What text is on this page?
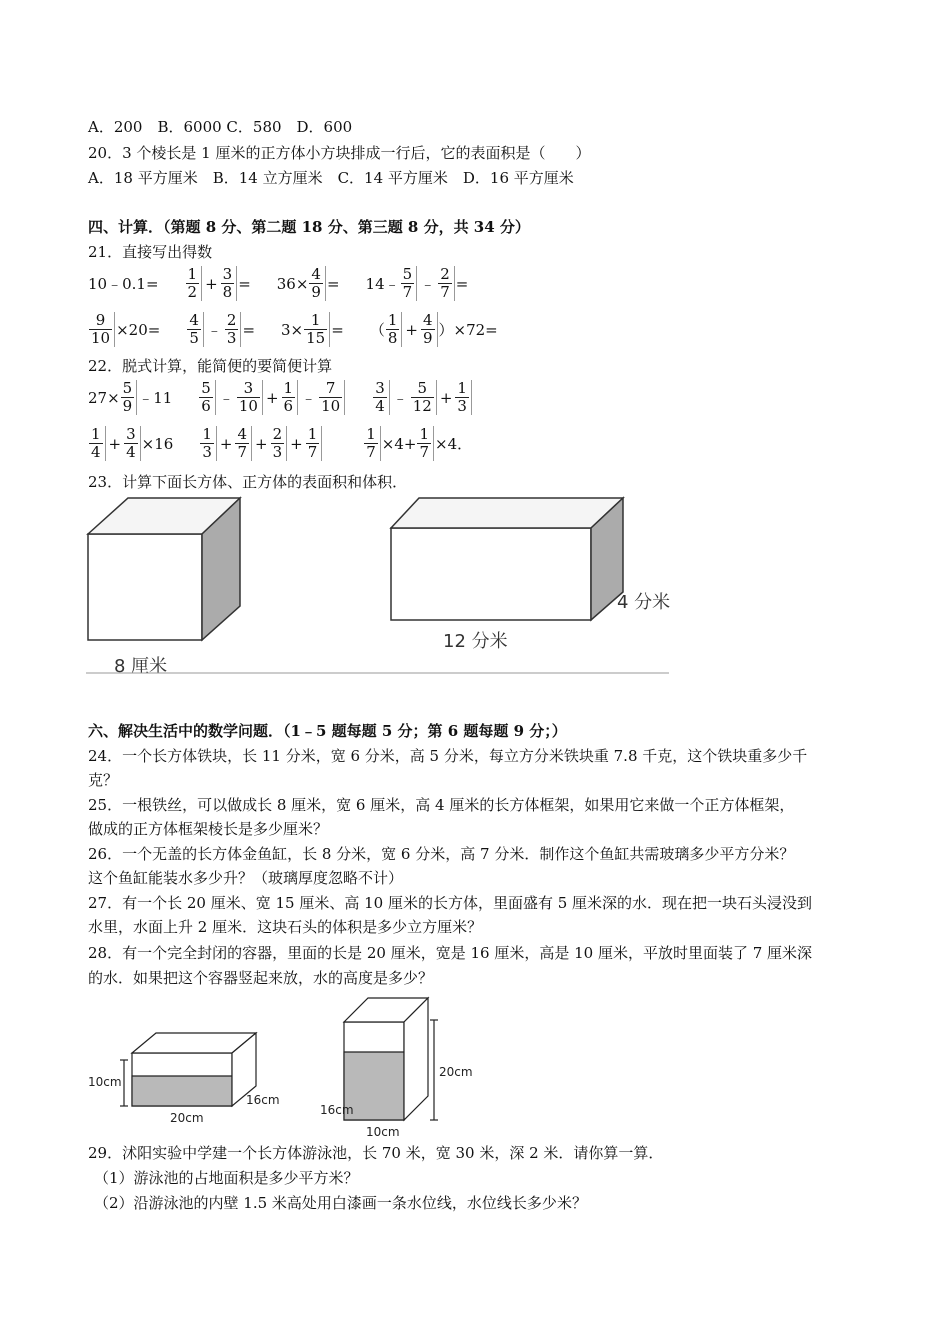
A．200　B．6000 C．580　D．600
20．3 个棱长是 1 厘米的正方体小方块排成一行后，它的表面积是（　　）
A．18 平方厘米　B．14 立方厘米　C．14 平方厘米　D．16 平方厘米
四、计算．（第题 8 分、第二题 18 分、第三题 8 分，共 34 分）
21．直接写出得数
10﹣0.1= $\frac{1}{2} + \frac{3}{8} = 36\times \frac{4}{9}$ = 14﹣ $\frac{5}{7}$ ﹣ $\frac{2}{7}$ =
$\frac{9}{10} \times 20= \frac{4}{5}$ ﹣ $\frac{2}{3} = 3\times \frac{1}{15}$ = （ $\frac{1}{8} + \frac{4}{9} )\times 72=$
22．脱式计算，能简便的要简便计算
$27\times \frac{5}{9}$ ﹣11 $\frac{5}{6}$ ﹣ $\frac{3}{10} + \frac{1}{6}$ ﹣ $\frac{7}{10} \frac{3}{4}$ ﹣ $\frac{5}{12} + \frac{1}{3}$
$\frac{1}{4} + \frac{3}{4} \times 16 \frac{1}{3} + \frac{4}{7} + \frac{2}{3} + \frac{1}{7}$	$\frac{1}{7} \times 4+ \frac{1}{7} \times 4$．
23．计算下面长方体、正方体的表面积和体积．
8 厘米
12 分米
4 分米
六、解决生活中的数学问题．（1﹣5 题每题 5 分；第 6 题每题 9 分；）
24．一个长方体铁块，长 11 分米，宽 6 分米，高 5 分米，每立方分米铁块重 7.8 千克，这个铁块重多少千
克？
25．一根铁丝，可以做成长 8 厘米，宽 6 厘米，高 4 厘米的长方体框架，如果用它来做一个正方体框架，
做成的正方体框架棱长是多少厘米？
26．一个无盖的长方体金鱼缸，长 8 分米，宽 6 分米，高 7 分米．制作这个鱼缸共需玻璃多少平方分米？
这个鱼缸能装水多少升？（玻璃厚度忽略不计）
27．有一个长 20 厘米、宽 15 厘米、高 10 厘米的长方体，里面盛有 5 厘米深的水．现在把一块石头浸没到
水里，水面上升 2 厘米．这块石头的体积是多少立方厘米？
28．有一个完全封闭的容器，里面的长是 20 厘米，宽是 16 厘米，高是 10 厘米，平放时里面装了 7 厘米深
的水．如果把这个容器竖起来放，水的高度是多少？
10cm
20cm
16cm
20cm
16cm
10cm
29．沭阳实验中学建一个长方体游泳池，长 70 米，宽 30 米，深 2 米．请你算一算．
（1）游泳池的占地面积是多少平方米？
（2）沿游泳池的内壁 1.5 米高处用白漆画一条水位线，水位线长多少米？
